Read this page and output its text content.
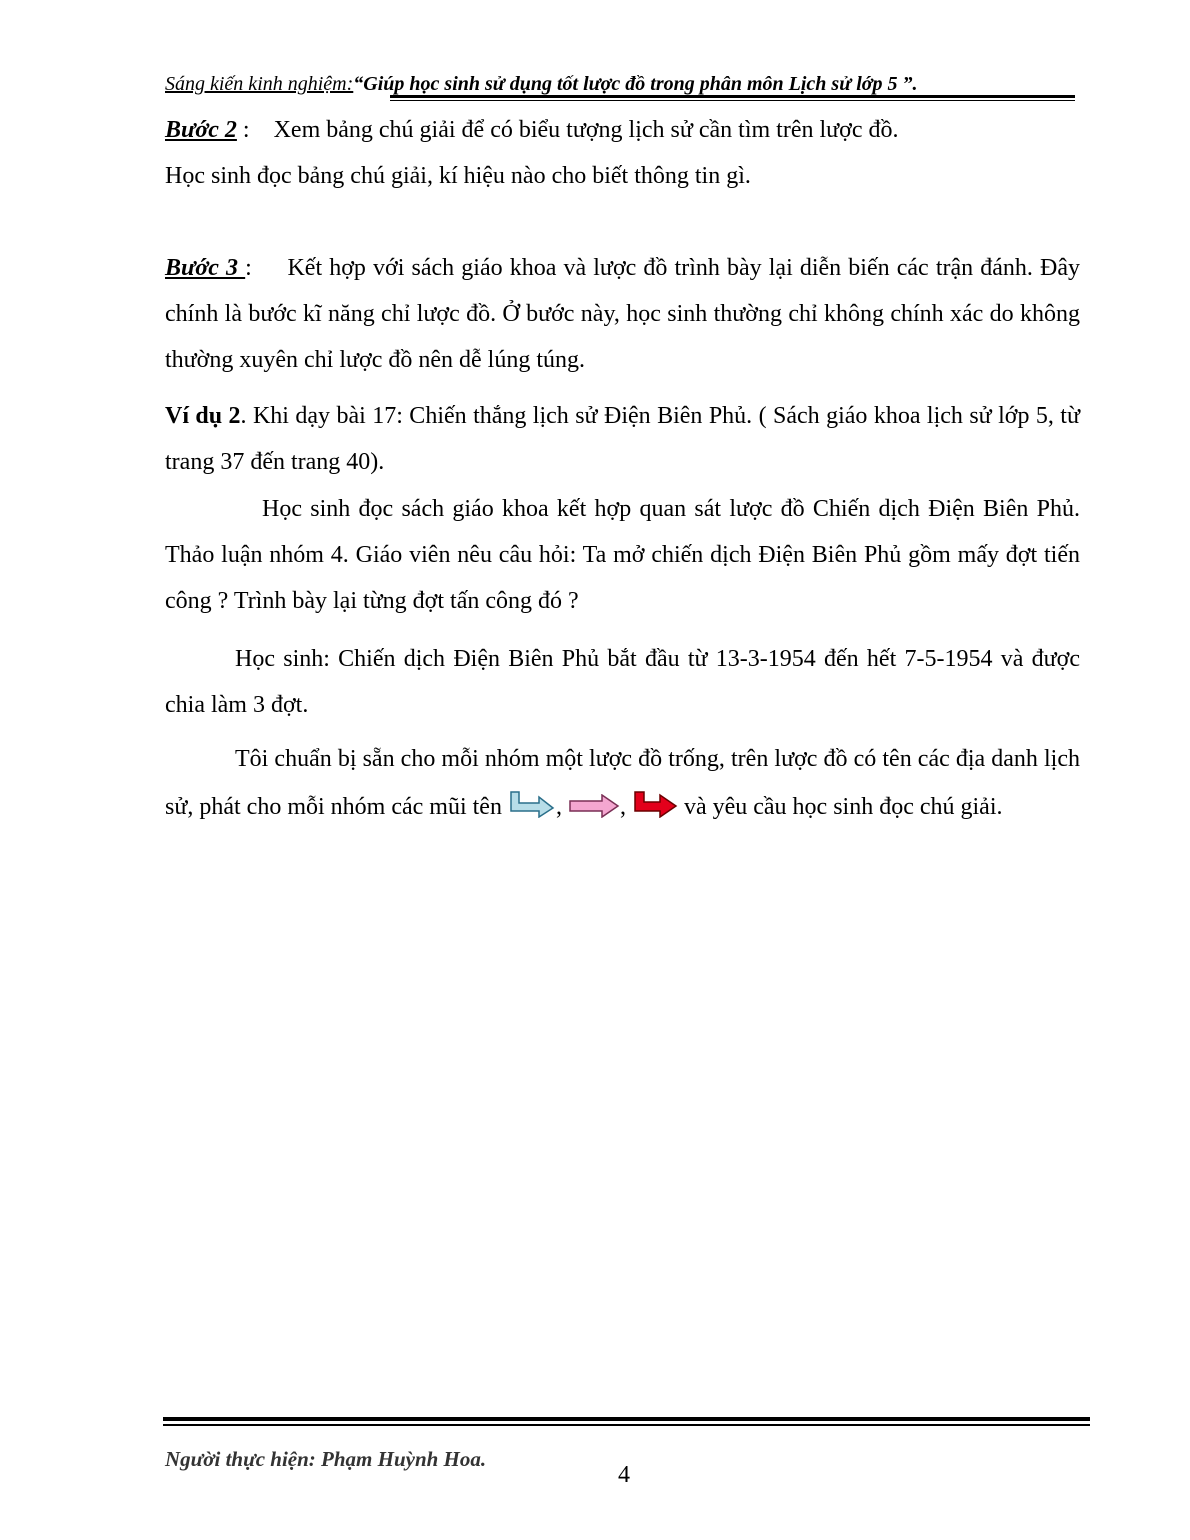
Sáng kiến kinh nghiệm:“Giúp học sinh sử dụng tốt lược đồ trong phân môn Lịch sử lớp 5 ”.
Bước 2 :    Xem bảng chú giải để có biểu tượng lịch sử cần tìm trên lược đồ.
Học sinh đọc bảng chú giải, kí hiệu nào cho biết thông tin gì.
Bước 3 :     Kết hợp với sách giáo khoa và lược đồ trình bày lại diễn biến các trận đánh. Đây chính là bước kĩ năng chỉ lược đồ. Ở bước này, học sinh thường chỉ không chính xác do không thường xuyên chỉ lược đồ nên dễ lúng túng.
Ví dụ 2. Khi dạy bài 17: Chiến thắng lịch sử Điện Biên Phủ. ( Sách giáo khoa lịch sử lớp 5, từ trang 37 đến trang 40).
Học sinh đọc sách giáo khoa kết hợp quan sát lược đồ Chiến dịch Điện Biên Phủ. Thảo luận nhóm 4. Giáo viên nêu câu hỏi: Ta mở chiến dịch Điện Biên Phủ gồm mấy đợt tiến công ? Trình bày lại từng đợt tấn công đó ?
Học sinh: Chiến dịch Điện Biên Phủ bắt đầu từ 13-3-1954 đến hết 7-5-1954 và được chia làm 3 đợt.
Tôi chuẩn bị sẵn cho mỗi nhóm một lược đồ trống, trên lược đồ có tên các địa danh lịch sử, phát cho mỗi nhóm các mũi tên , ,  và yêu cầu học sinh đọc chú giải.
Người thực hiện: Phạm Huỳnh Hoa.
4
